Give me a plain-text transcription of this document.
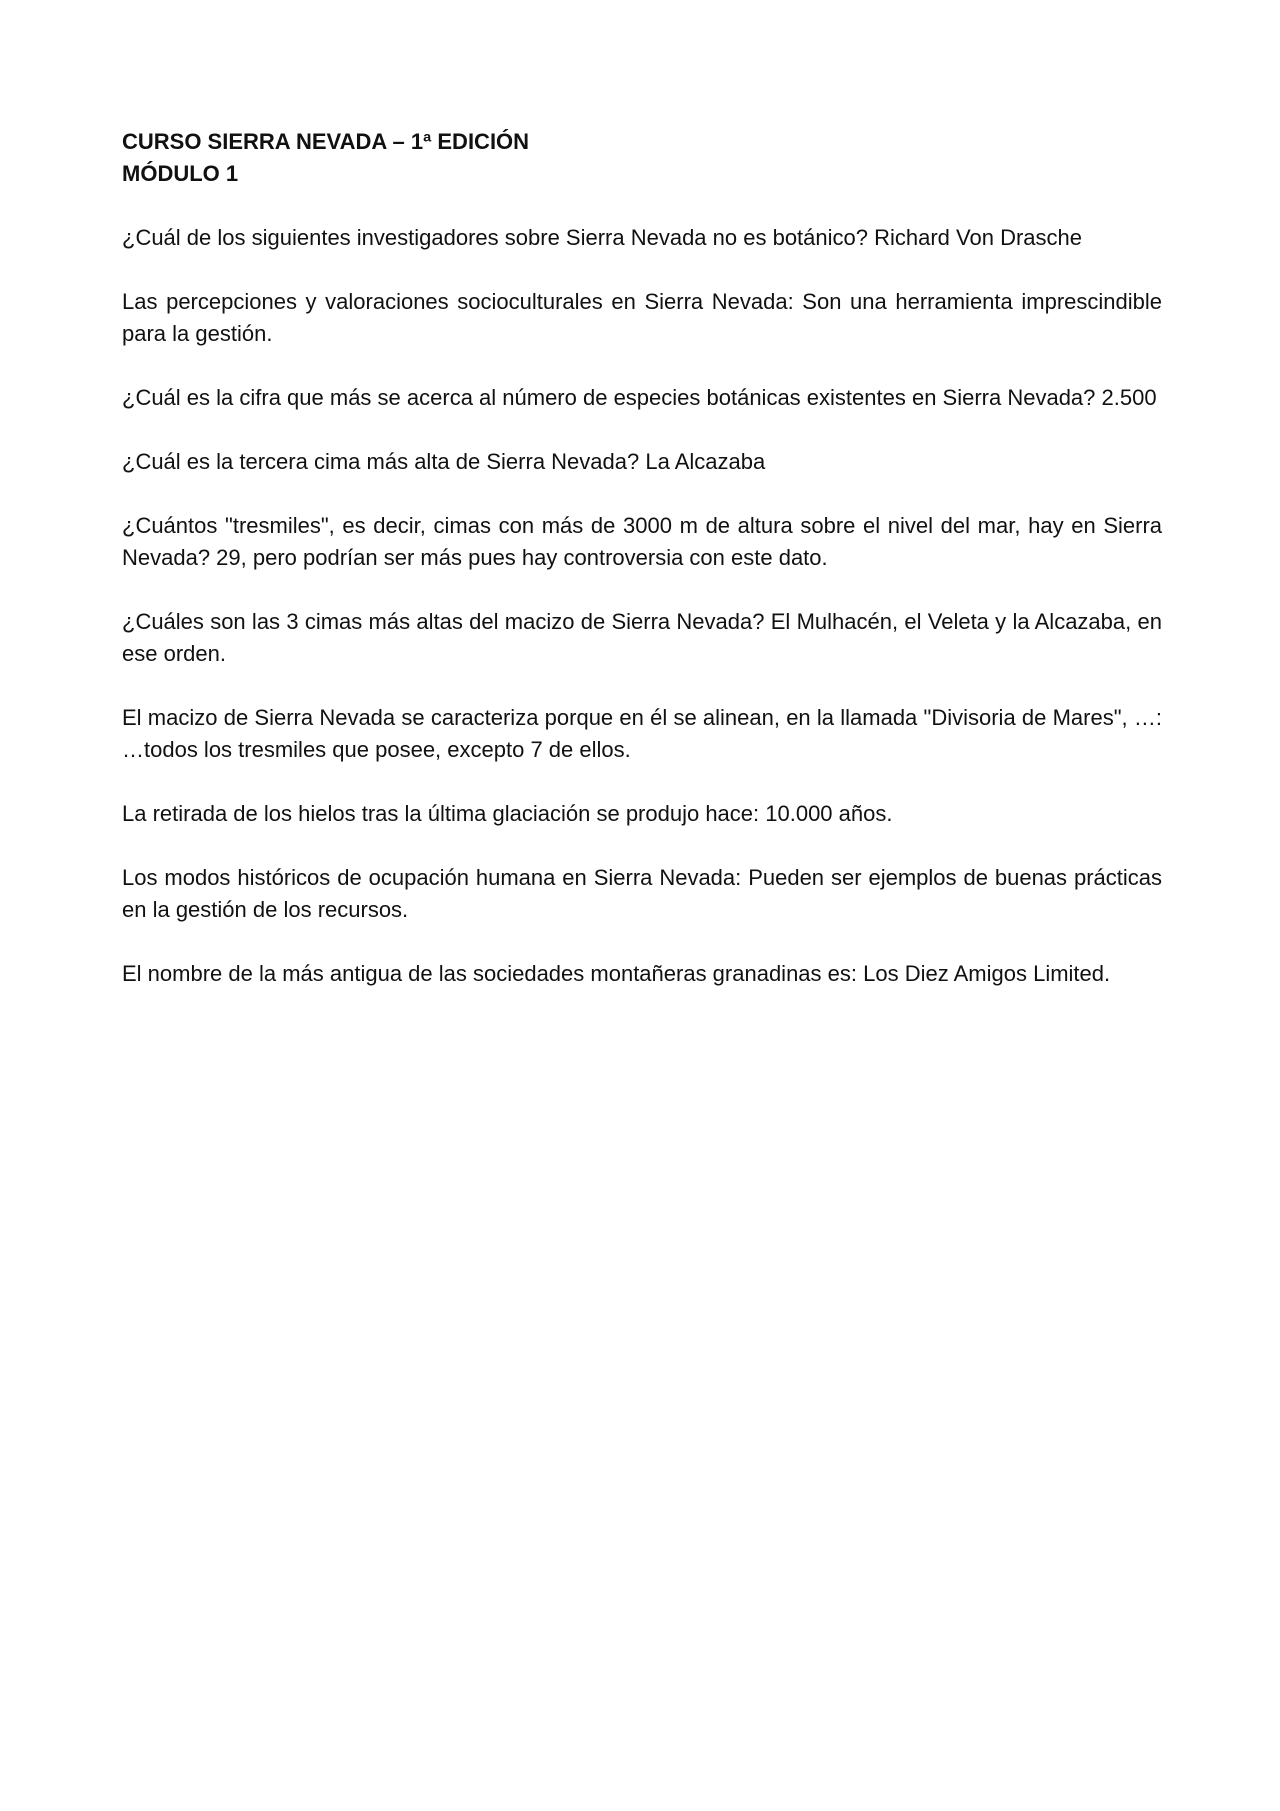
CURSO SIERRA NEVADA – 1ª EDICIÓN

MÓDULO 1

¿Cuál de los siguientes investigadores sobre Sierra Nevada no es botánico? Richard Von Drasche

Las percepciones y valoraciones socioculturales en Sierra Nevada: Son una herramienta imprescindible para la gestión.

¿Cuál es la cifra que más se acerca al número de especies botánicas existentes en Sierra Nevada? 2.500

¿Cuál es la tercera cima más alta de Sierra Nevada? La Alcazaba

¿Cuántos "tresmiles", es decir, cimas con más de 3000 m de altura sobre el nivel del mar, hay en Sierra Nevada? 29, pero podrían ser más pues hay controversia con este dato.

¿Cuáles son las 3 cimas más altas del macizo de Sierra Nevada? El Mulhacén, el Veleta y la Alcazaba, en ese orden.

El macizo de Sierra Nevada se caracteriza porque en él se alinean, en la llamada "Divisoria de Mares", …: …todos los tresmiles que posee, excepto 7 de ellos.

La retirada de los hielos tras la última glaciación se produjo hace: 10.000 años.

Los modos históricos de ocupación humana en Sierra Nevada: Pueden ser ejemplos de buenas prácticas en la gestión de los recursos.

El nombre de la más antigua de las sociedades montañeras granadinas es: Los Diez Amigos Limited.
